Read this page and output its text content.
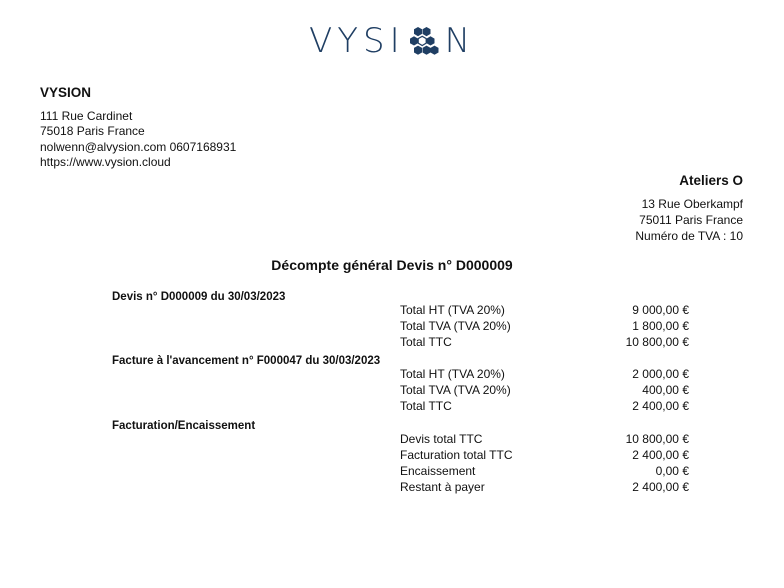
VYSI N
VYSION
111 Rue Cardinet
75018 Paris France
nolwenn@alvysion.com 0607168931
https://www.vysion.cloud
Ateliers O
13 Rue Oberkampf
75011 Paris France
Numéro de TVA : 10
Décompte général Devis n° D000009
Devis n° D000009 du 30/03/2023
Total HT (TVA 20%)	9 000,00 €
Total TVA (TVA 20%)	1 800,00 €
Total TTC	10 800,00 €
Facture à l'avancement n° F000047 du 30/03/2023
Total HT (TVA 20%)	2 000,00 €
Total TVA (TVA 20%)	400,00 €
Total TTC	2 400,00 €
Facturation/Encaissement
Devis total TTC	10 800,00 €
Facturation total TTC	2 400,00 €
Encaissement	0,00 €
Restant à payer	2 400,00 €
